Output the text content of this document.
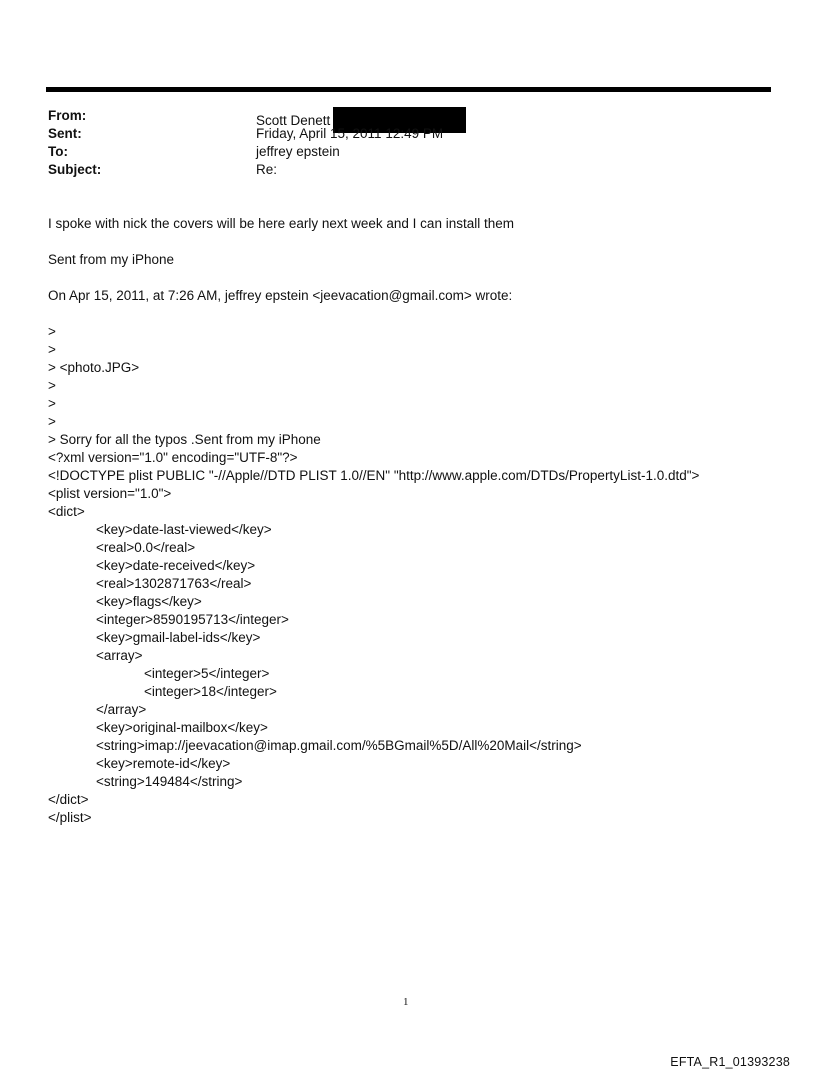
From:	Scott Denett
Sent:	Friday, April 15, 2011 12:49 PM
To:	jeffrey epstein
Subject:	Re:

I spoke with nick the covers will be here early next week and I can install them

Sent from my iPhone

On Apr 15, 2011, at 7:26 AM, jeffrey epstein <jeevacation@gmail.com> wrote:

>
>
> <photo.JPG>
>
>
>
> Sorry for all the typos .Sent from my iPhone
<?xml version="1.0" encoding="UTF-8"?>
<!DOCTYPE plist PUBLIC "-//Apple//DTD PLIST 1.0//EN" "http://www.apple.com/DTDs/PropertyList-1.0.dtd">
<plist version="1.0">
<dict>
<key>date-last-viewed</key>
<real>0.0</real>
<key>date-received</key>
<real>1302871763</real>
<key>flags</key>
<integer>8590195713</integer>
<key>gmail-label-ids</key>
<array>
<integer>5</integer>
<integer>18</integer>
</array>
<key>original-mailbox</key>
<string>imap://jeevacation@imap.gmail.com/%5BGmail%5D/All%20Mail</string>
<key>remote-id</key>
<string>149484</string>
</dict>
</plist>
1
EFTA_R1_01393238
